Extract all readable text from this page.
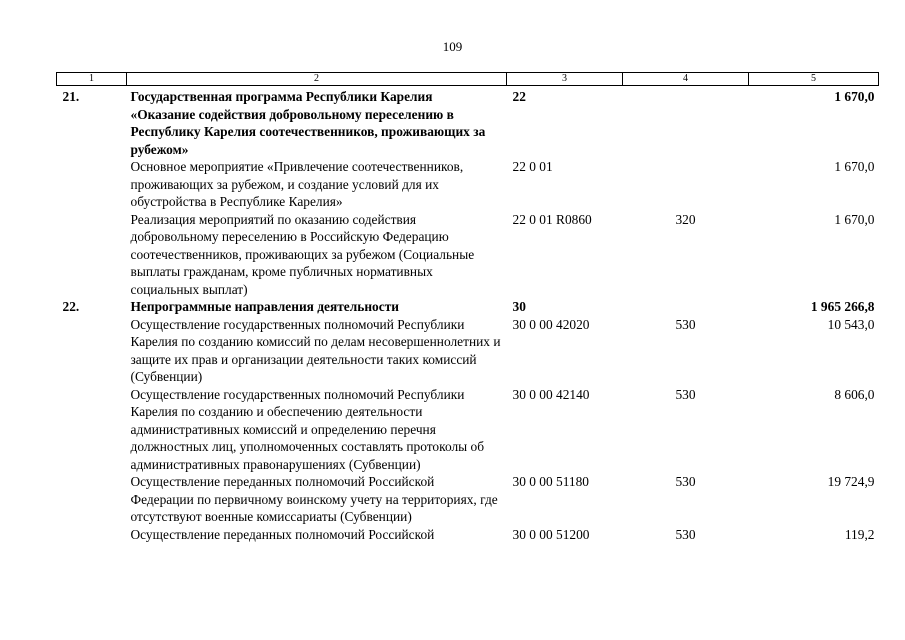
109
1	2	3	4	5
21.	Государственная программа Республики Карелия «Оказание содействия добровольному переселению в Республику Карелия соотечественников, проживающих за рубежом»	22		1 670,0
	Основное мероприятие «Привлечение соотечественников, проживающих за рубежом, и создание условий для их обустройства в Республике Карелия»	22 0 01		1 670,0
	Реализация мероприятий по оказанию содействия добровольному переселению в Российскую Федерацию соотечественников, проживающих за рубежом (Социальные выплаты гражданам, кроме публичных нормативных социальных выплат)	22 0 01 R0860	320	1 670,0
22.	Непрограммные направления деятельности	30		1 965 266,8
	Осуществление государственных полномочий Республики Карелия по созданию комиссий по делам несовершеннолетних и защите их прав и организации деятельности таких комиссий (Субвенции)	30 0 00 42020	530	10 543,0
	Осуществление государственных полномочий Республики Карелия по созданию и обеспечению деятельности административных комиссий и определению перечня должностных лиц, уполномоченных составлять протоколы об административных правонарушениях (Субвенции)	30 0 00 42140	530	8 606,0
	Осуществление переданных полномочий Российской Федерации по первичному воинскому учету на территориях, где отсутствуют военные комиссариаты (Субвенции)	30 0 00 51180	530	19 724,9
	Осуществление переданных полномочий Российской	30 0 00 51200	530	119,2
